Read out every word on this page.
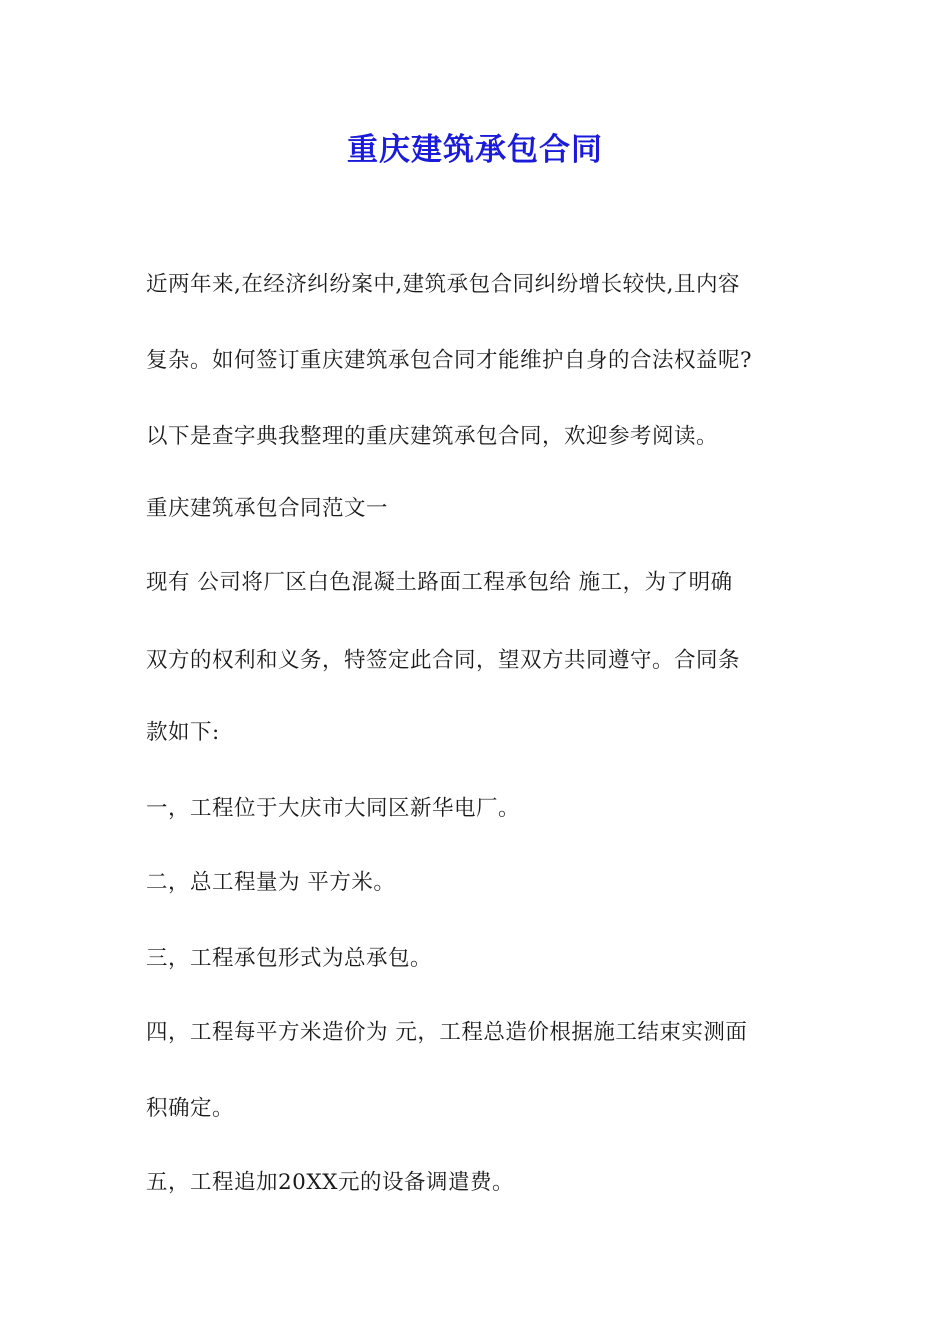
重庆建筑承包合同
近两年来,在经济纠纷案中,建筑承包合同纠纷增长较快,且内容
复杂。如何签订重庆建筑承包合同才能维护自身的合法权益呢?
以下是查字典我整理的重庆建筑承包合同，欢迎参考阅读。
重庆建筑承包合同范文一
现有 公司将厂区白色混凝土路面工程承包给 施工，为了明确
双方的权利和义务，特签定此合同，望双方共同遵守。合同条
款如下:
一，工程位于大庆市大同区新华电厂。
二，总工程量为 平方米。
三，工程承包形式为总承包。
四，工程每平方米造价为 元，工程总造价根据施工结束实测面
积确定。
五，工程追加20XX元的设备调遣费。
